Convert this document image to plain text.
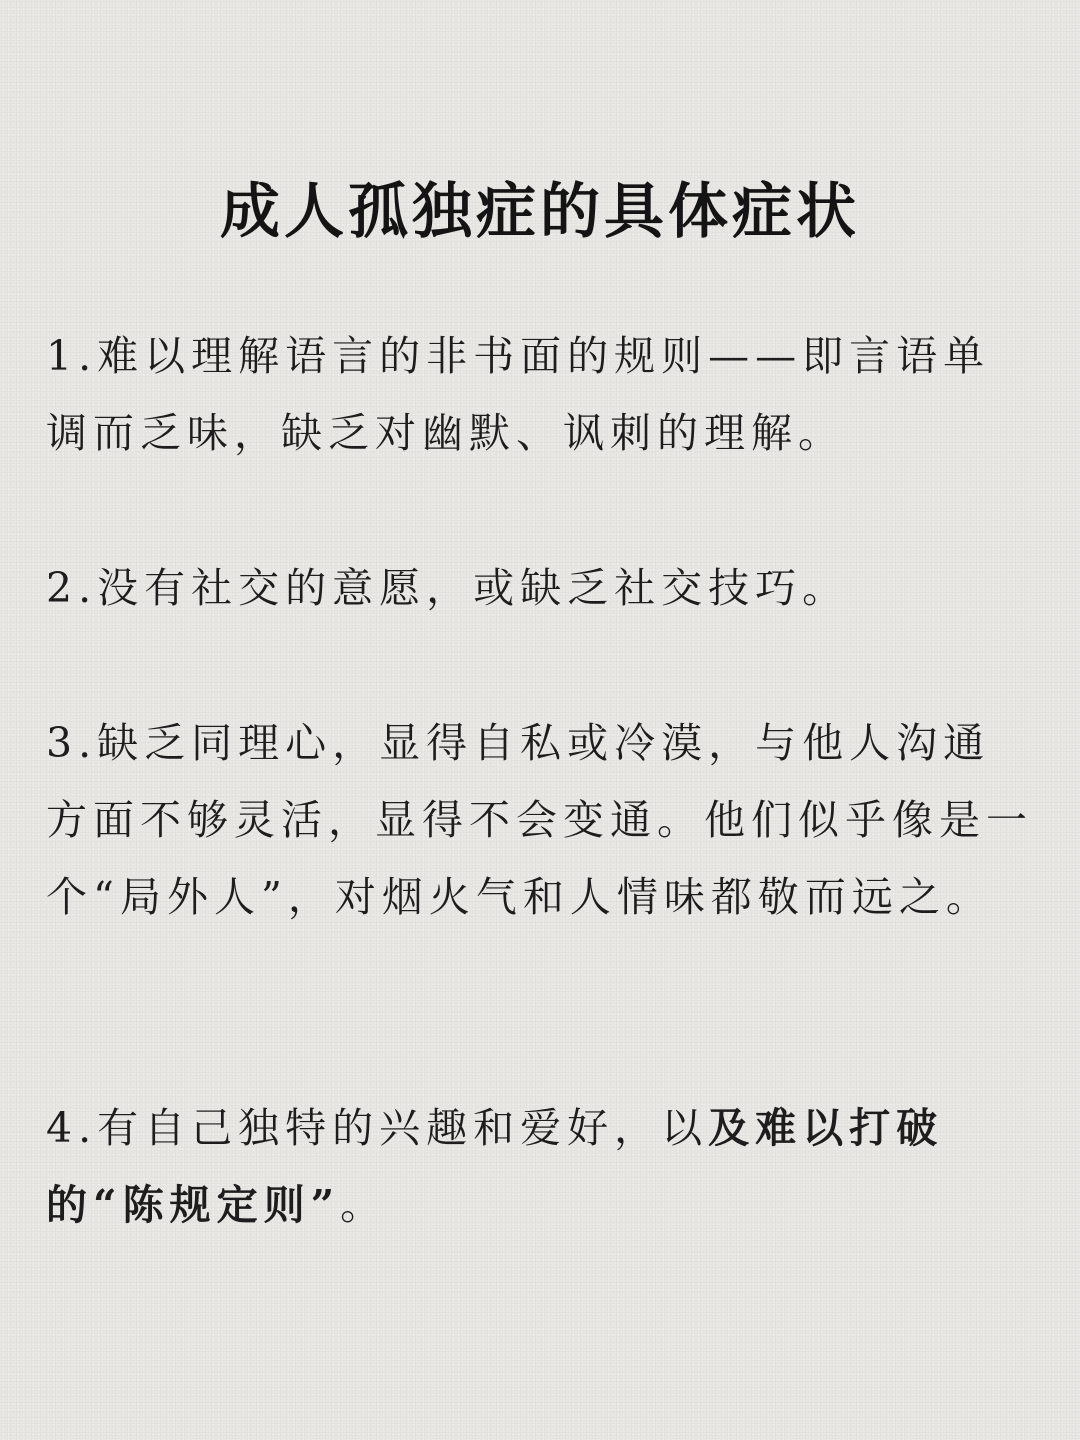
成人孤独症的具体症状

1.难以理解语言的非书面的规则——即言语单调而乏味，缺乏对幽默、讽刺的理解。

2.没有社交的意愿，或缺乏社交技巧。

3.缺乏同理心，显得自私或冷漠，与他人沟通方面不够灵活，显得不会变通。他们似乎像是一个“局外人”，对烟火气和人情味都敬而远之。

4.有自己独特的兴趣和爱好，以及难以打破的“陈规定则”。
